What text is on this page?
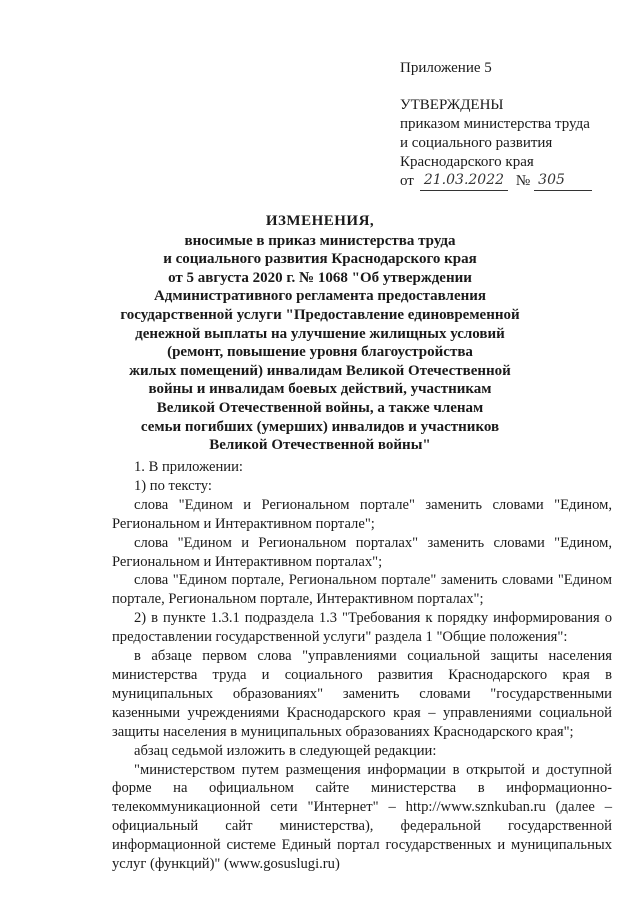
Приложение 5
УТВЕРЖДЕНЫ
приказом министерства труда
и социального развития
Краснодарского края
от 21.03.2022 № 305
ИЗМЕНЕНИЯ,
вносимые в приказ министерства труда
и социального развития Краснодарского края
от 5 августа 2020 г. № 1068 "Об утверждении
Административного регламента предоставления
государственной услуги "Предоставление единовременной
денежной выплаты на улучшение жилищных условий
(ремонт, повышение уровня благоустройства
жилых помещений) инвалидам Великой Отечественной
войны и инвалидам боевых действий, участникам
Великой Отечественной войны, а также членам
семьи погибших (умерших) инвалидов и участников
Великой Отечественной войны"

1. В приложении:

1) по тексту:

слова "Едином и Региональном портале" заменить словами "Едином, Региональном и Интерактивном портале";

слова "Едином и Региональном порталах" заменить словами "Едином, Региональном и Интерактивном порталах";

слова "Едином портале, Региональном портале" заменить словами "Едином портале, Региональном портале, Интерактивном порталах";

2) в пункте 1.3.1 подраздела 1.3 "Требования к порядку информирования о предоставлении государственной услуги" раздела 1 "Общие положения":

в абзаце первом слова "управлениями социальной защиты населения министерства труда и социального развития Краснодарского края в муниципальных образованиях" заменить словами "государственными казенными учреждениями Краснодарского края – управлениями социальной защиты населения в муниципальных образованиях Краснодарского края";

абзац седьмой изложить в следующей редакции:

"министерством путем размещения информации в открытой и доступной форме на официальном сайте министерства в информационно-телекоммуникационной сети "Интернет" – http://www.sznkuban.ru (далее – официальный сайт министерства), федеральной государственной информационной системе Единый портал государственных и муниципальных услуг (функций)" (www.gosuslugi.ru)
